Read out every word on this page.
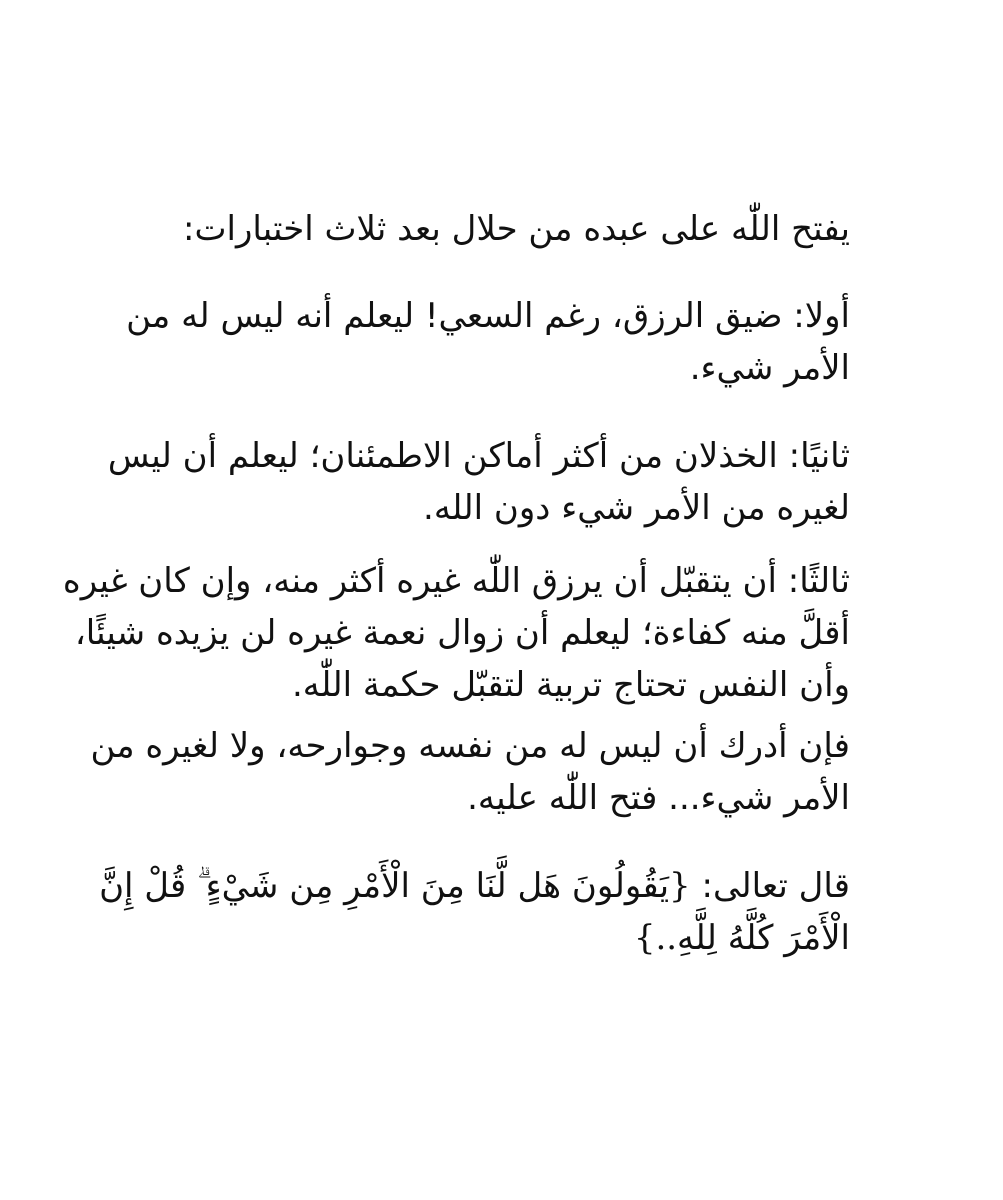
يفتح اللّٰه على عبده من حلال بعد ثلاث اختبارات:
أولا: ضيق الرزق، رغم السعي! ليعلم أنه ليس له من
الأمر شيء.
ثانيًا: الخذلان من أكثر أماكن الاطمئنان؛ ليعلم أن ليس
لغيره من الأمر شيء دون الله.
ثالثًا: أن يتقبّل أن يرزق اللّٰه غيره أكثر منه، وإن كان غيره
أقلَّ منه كفاءة؛ ليعلم أن زوال نعمة غيره لن يزيده شيئًا،
وأن النفس تحتاج تربية لتقبّل حكمة اللّٰه.
فإن أدرك أن ليس له من نفسه وجوارحه، ولا لغيره من
الأمر شيء... فتح اللّٰه عليه.
قال تعالى: {يَقُولُونَ هَل لَّنَا مِنَ الْأَمْرِ مِن شَيْءٍ ۗ قُلْ إِنَّ
الْأَمْرَ كُلَّهُ لِلَّهِ..}
